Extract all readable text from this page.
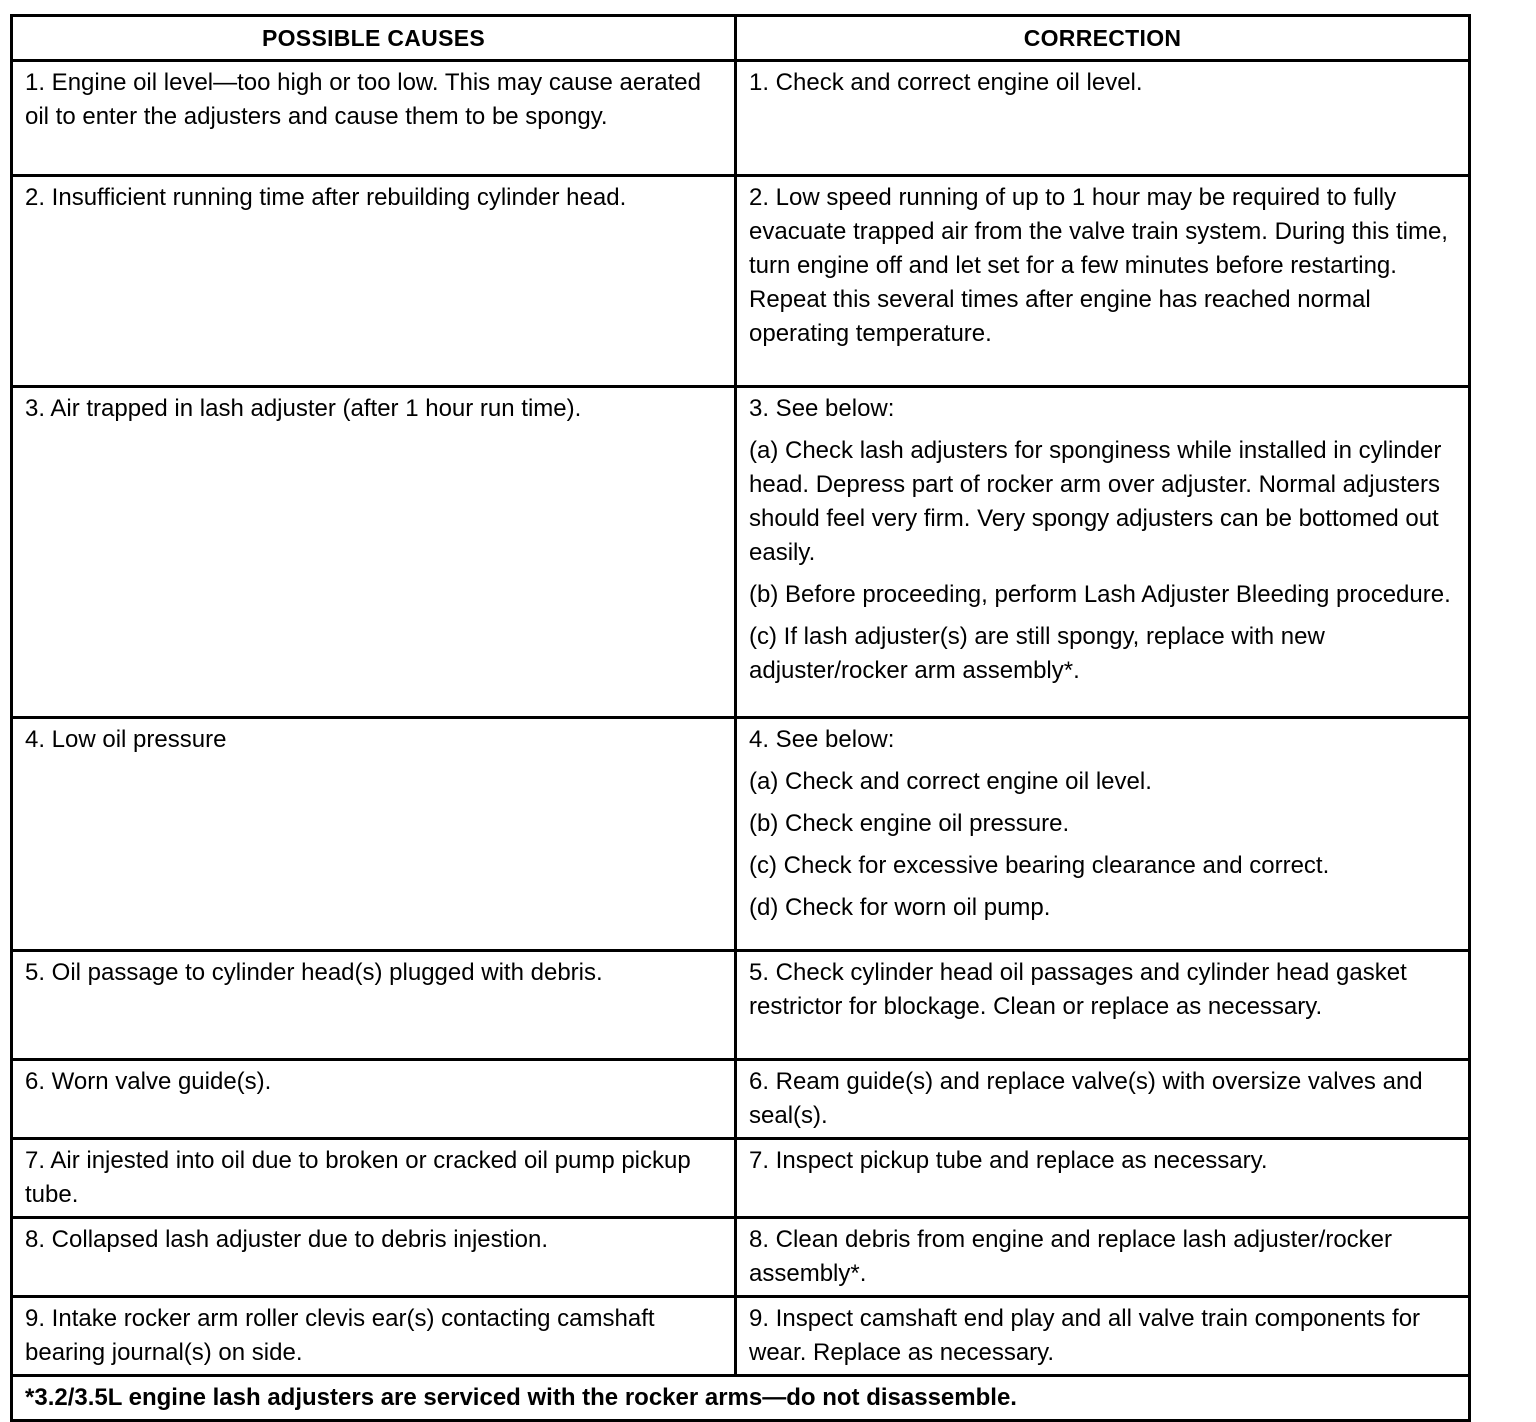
POSSIBLE CAUSES	CORRECTION

1. Engine oil level—too high or too low. This may cause aerated oil to enter the adjusters and cause them to be spongy.	1. Check and correct engine oil level.

2. Insufficient running time after rebuilding cylinder head.	2. Low speed running of up to 1 hour may be required to fully evacuate trapped air from the valve train system. During this time, turn engine off and let set for a few minutes before restarting. Repeat this several times after engine has reached normal operating temperature.

3. Air trapped in lash adjuster (after 1 hour run time).	3. See below:

(a) Check lash adjusters for sponginess while installed in cylinder head. Depress part of rocker arm over adjuster. Normal adjusters should feel very firm. Very spongy adjusters can be bottomed out easily.

(b) Before proceeding, perform Lash Adjuster Bleeding procedure.

(c) If lash adjuster(s) are still spongy, replace with new adjuster/rocker arm assembly*.

4. Low oil pressure	4. See below:

(a) Check and correct engine oil level.

(b) Check engine oil pressure.

(c) Check for excessive bearing clearance and correct.

(d) Check for worn oil pump.

5. Oil passage to cylinder head(s) plugged with debris.	5. Check cylinder head oil passages and cylinder head gasket restrictor for blockage. Clean or replace as necessary.

6. Worn valve guide(s).	6. Ream guide(s) and replace valve(s) with oversize valves and seal(s).

7. Air injested into oil due to broken or cracked oil pump pickup tube.	7. Inspect pickup tube and replace as necessary.

8. Collapsed lash adjuster due to debris injestion.	8. Clean debris from engine and replace lash adjuster/rocker assembly*.

9. Intake rocker arm roller clevis ear(s) contacting camshaft bearing journal(s) on side.	9. Inspect camshaft end play and all valve train components for wear. Replace as necessary.

*3.2/3.5L engine lash adjusters are serviced with the rocker arms—do not disassemble.	
